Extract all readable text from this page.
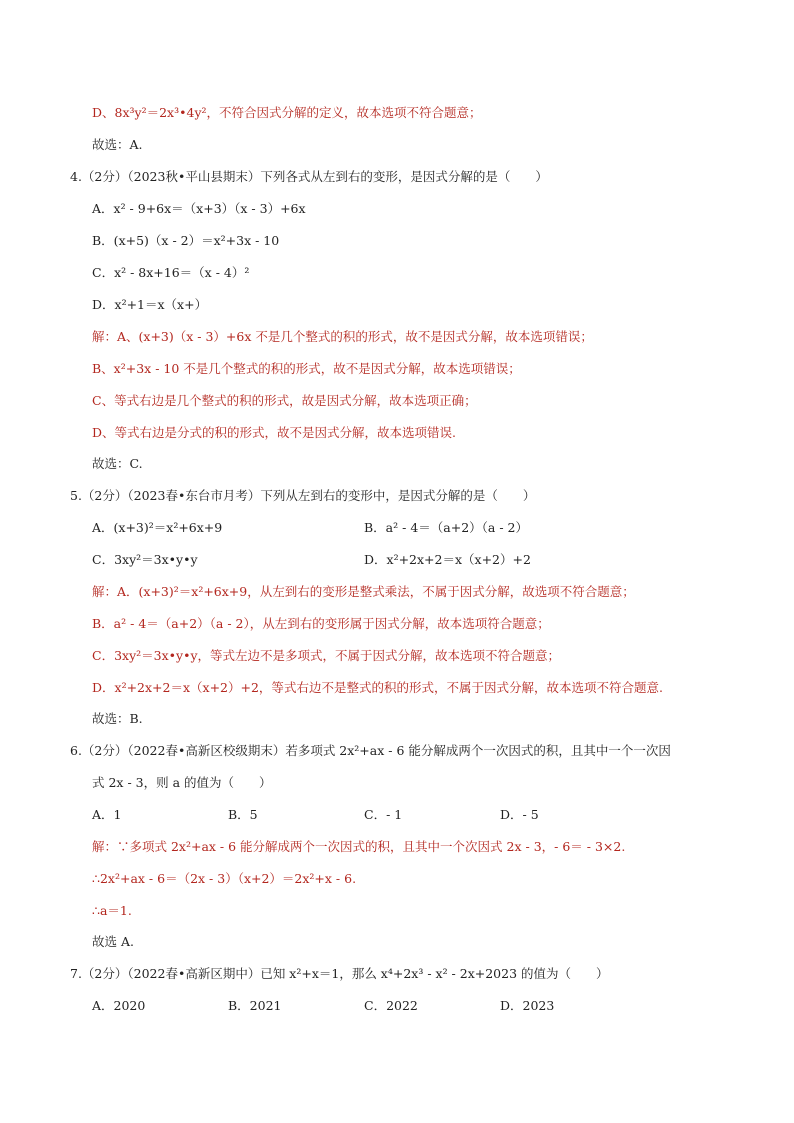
D、8x³y²＝2x³•4y²，不符合因式分解的定义，故本选项不符合题意；
故选：A.
4.（2分）（2023秋•平山县期末）下列各式从左到右的变形，是因式分解的是（　　）
A．x² - 9+6x＝（x+3）（x - 3）+6x
B．(x+5)（x - 2）＝x²+3x - 10
C．x² - 8x+16＝（x - 4）²
D．x²+1＝x（x+）
解：A、(x+3)（x - 3）+6x 不是几个整式的积的形式，故不是因式分解，故本选项错误；
B、x²+3x - 10 不是几个整式的积的形式，故不是因式分解，故本选项错误；
C、等式右边是几个整式的积的形式，故是因式分解，故本选项正确；
D、等式右边是分式的积的形式，故不是因式分解，故本选项错误.
故选：C.
5.（2分）（2023春•东台市月考）下列从左到右的变形中，是因式分解的是（　　）
A．(x+3)²＝x²+6x+9	B．a² - 4＝（a+2）（a - 2）
C．3xy²＝3x•y•y	D．x²+2x+2＝x（x+2）+2
解：A．(x+3)²＝x²+6x+9，从左到右的变形是整式乘法，不属于因式分解，故选项不符合题意；
B．a² - 4＝（a+2）（a - 2），从左到右的变形属于因式分解，故本选项符合题意；
C．3xy²＝3x•y•y，等式左边不是多项式，不属于因式分解，故本选项不符合题意；
D．x²+2x+2＝x（x+2）+2，等式右边不是整式的积的形式，不属于因式分解，故本选项不符合题意.
故选：B.
6.（2分）（2022春•高新区校级期末）若多项式 2x²+ax - 6 能分解成两个一次因式的积，且其中一个一次因
式 2x - 3，则 a 的值为（　　）
A．1	B．5	C．- 1	D．- 5
解：∵多项式 2x²+ax - 6 能分解成两个一次因式的积，且其中一个次因式 2x - 3，- 6＝ - 3×2.
∴2x²+ax - 6＝（2x - 3）（x+2）＝2x²+x - 6.
∴a＝1.
故选 A.
7.（2分）（2022春•高新区期中）已知 x²+x＝1，那么 x⁴+2x³ - x² - 2x+2023 的值为（　　）
A．2020	B．2021	C．2022	D．2023
